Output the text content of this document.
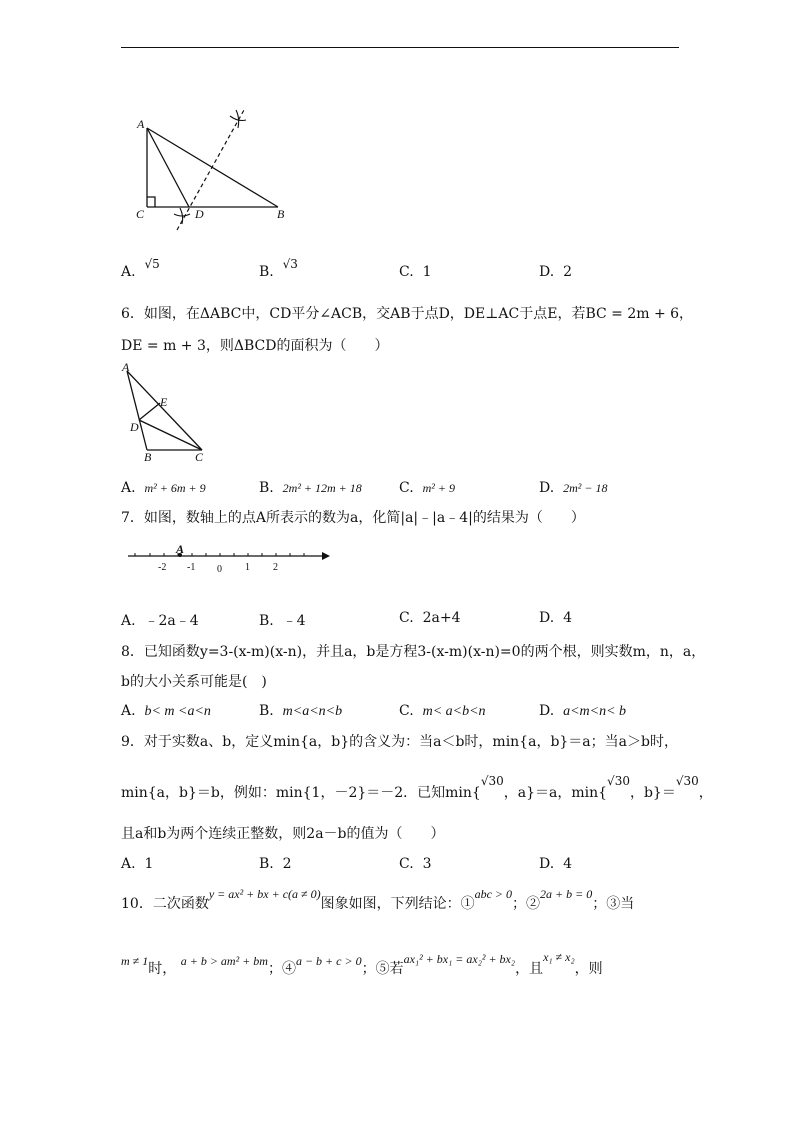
A
C	D	B
A. √5	B. √3	C. 1	D. 2
6．如图，在ΔABC中，CD平分∠ACB，交AB于点D，DE⊥AC于点E，若BC = 2m + 6，
DE = m + 3，则ΔBCD的面积为（　　）
A
E
D
B	C
A. m² + 6m + 9	B. 2m² + 12m + 18	C. m² + 9	D. 2m² − 18
7．如图，数轴上的点A所表示的数为a，化简|a|﹣|a﹣4|的结果为（　　）
A
-2 -1 0 1 2
A. ﹣2a﹣4	B. ﹣4	C. 2a+4	D. 4
8．已知函数y=3-(x-m)(x-n)，并且a，b是方程3-(x-m)(x-n)=0的两个根，则实数m，n，a，
b的大小关系可能是(　)
A. b< m <a<n	B. m<a<n<b	C. m< a<b<n	D. a<m<n< b
9．对于实数a、b，定义min{a，b}的含义为：当a＜b时，min{a，b}＝a；当a＞b时，
min{a，b}＝b，例如：min{1，－2}＝－2．已知min{√30，a}＝a，min{√30，b}＝√30，
且a和b为两个连续正整数，则2a－b的值为（　　）
A. 1	B. 2	C. 3	D. 4
10．二次函数y = ax² + bx + c(a ≠ 0)图象如图，下列结论：①abc > 0；②2a + b = 0；③当
m ≠ 1时， a + b > am² + bm；④a − b + c > 0；⑤若ax₁² + bx₁ = ax₂² + bx₂，且x₁ ≠ x₂，则
